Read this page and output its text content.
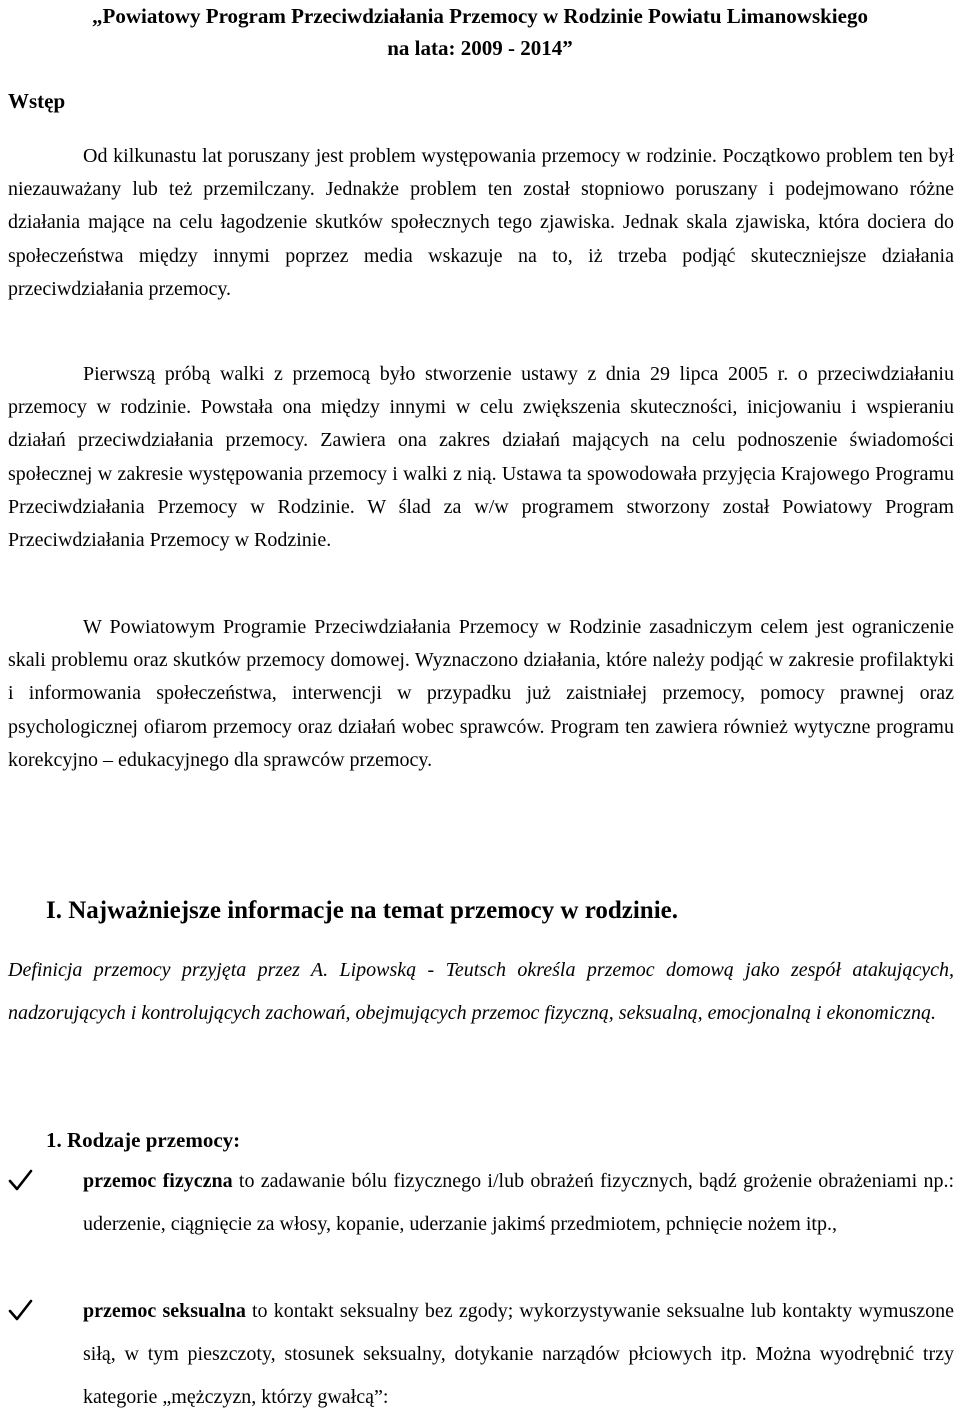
„Powiatowy Program Przeciwdziałania Przemocy w Rodzinie Powiatu Limanowskiego
na lata: 2009 - 2014”
Wstęp
Od kilkunastu lat poruszany jest problem występowania przemocy w rodzinie. Początkowo problem ten był niezauważany lub też przemilczany. Jednakże problem ten został stopniowo poruszany i podejmowano różne działania mające na celu łagodzenie skutków społecznych tego zjawiska. Jednak skala zjawiska, która dociera do społeczeństwa między innymi poprzez media wskazuje na to, iż trzeba podjąć skuteczniejsze działania przeciwdziałania przemocy.
Pierwszą próbą walki z przemocą było stworzenie ustawy z dnia 29 lipca 2005 r. o przeciwdziałaniu przemocy w rodzinie. Powstała ona między innymi w celu zwiększenia skuteczności, inicjowaniu i wspieraniu działań przeciwdziałania przemocy. Zawiera ona zakres działań mających na celu podnoszenie świadomości społecznej w zakresie występowania przemocy i walki z nią. Ustawa ta spowodowała przyjęcia Krajowego Programu Przeciwdziałania Przemocy w Rodzinie. W ślad za w/w programem stworzony został Powiatowy Program Przeciwdziałania Przemocy w Rodzinie.
W Powiatowym Programie Przeciwdziałania Przemocy w Rodzinie zasadniczym celem jest ograniczenie skali problemu oraz skutków przemocy domowej. Wyznaczono działania, które należy podjąć w zakresie profilaktyki i informowania społeczeństwa, interwencji w przypadku już zaistniałej przemocy, pomocy prawnej oraz psychologicznej ofiarom przemocy oraz działań wobec sprawców. Program ten zawiera również wytyczne programu korekcyjno – edukacyjnego dla sprawców przemocy.
I. Najważniejsze informacje na temat przemocy w rodzinie.
Definicja przemocy przyjęta przez A. Lipowską - Teutsch określa przemoc domową jako zespół atakujących, nadzorujących i kontrolujących zachowań, obejmujących przemoc fizyczną, seksualną, emocjonalną i ekonomiczną.
1. Rodzaje przemocy:
przemoc fizyczna to zadawanie bólu fizycznego i/lub obrażeń fizycznych, bądź grożenie obrażeniami np.: uderzenie, ciągnięcie za włosy, kopanie, uderzanie jakimś przedmiotem, pchnięcie nożem itp.,
przemoc seksualna to kontakt seksualny bez zgody; wykorzystywanie seksualne lub kontakty wymuszone siłą, w tym pieszczoty, stosunek seksualny, dotykanie narządów płciowych itp. Można wyodrębnić trzy kategorie „mężczyzn, którzy gwałcą”:
